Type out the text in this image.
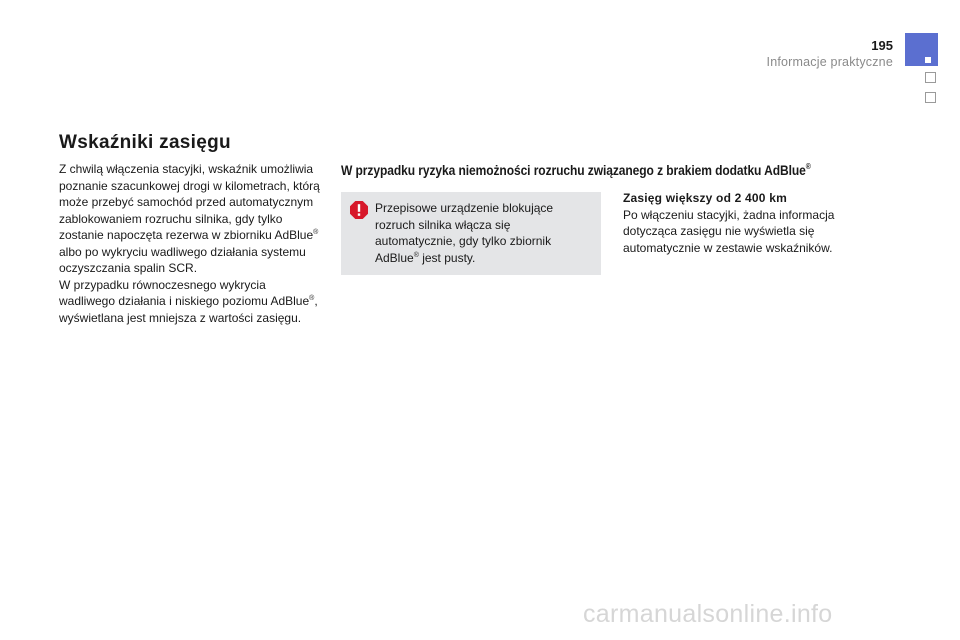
195
Informacje praktyczne
Wskaźniki zasięgu

Z chwilą włączenia stacyjki, wskaźnik umożliwia poznanie szacunkowej drogi w kilometrach, którą może przebyć samochód przed automatycznym zablokowaniem rozruchu silnika, gdy tylko zostanie napoczęta rezerwa w zbiorniku AdBlue® albo po wykryciu wadliwego działania systemu oczyszczania spalin SCR.

W przypadku równoczesnego wykrycia wadliwego działania i niskiego poziomu AdBlue®, wyświetlana jest mniejsza z wartości zasięgu.

W przypadku ryzyka niemożności rozruchu związanego z brakiem dodatku AdBlue®
Przepisowe urządzenie blokujące rozruch silnika włącza się automatycznie, gdy tylko zbiornik AdBlue® jest pusty.

Zasięg większy od 2 400 km

Po włączeniu stacyjki, żadna informacja dotycząca zasięgu nie wyświetla się automatycznie w zestawie wskaźników.

carmanualsonline.info
